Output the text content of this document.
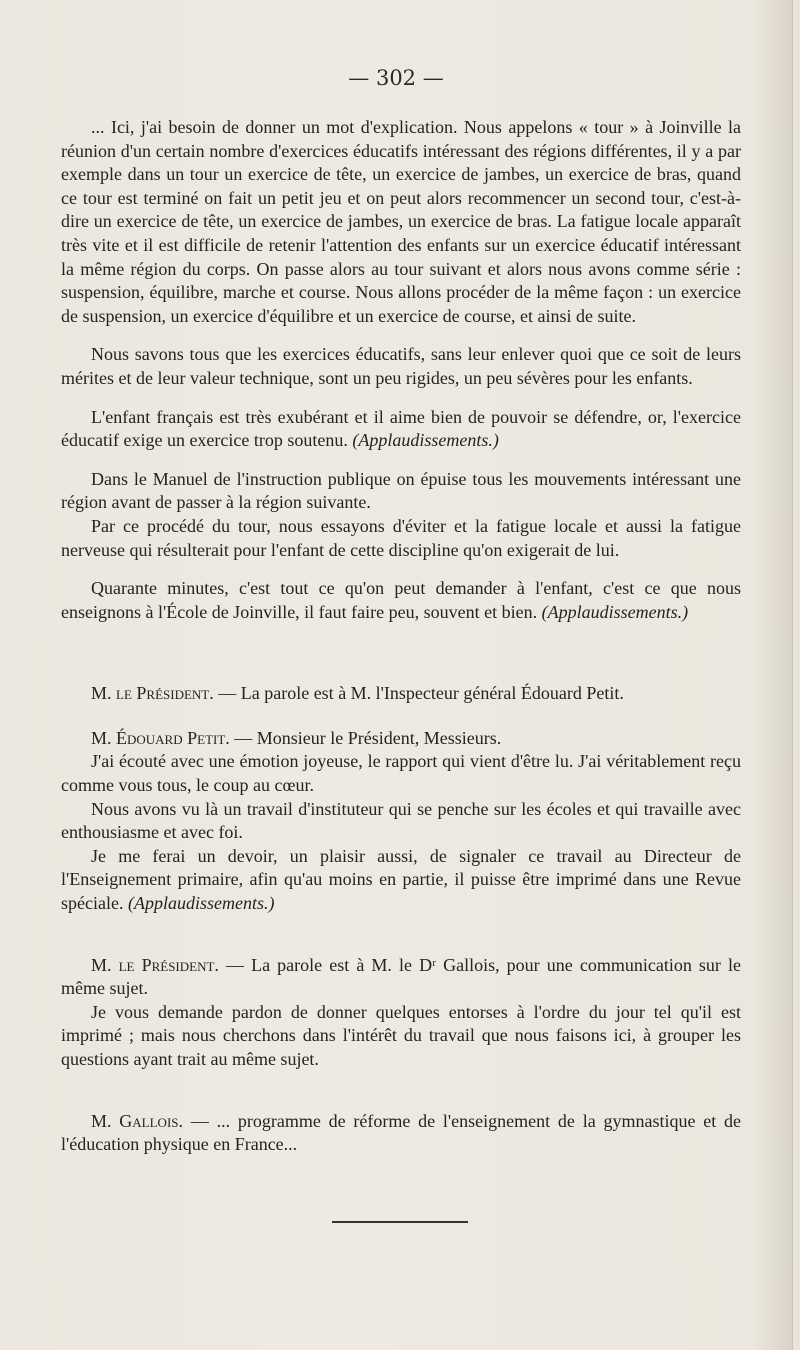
— 302 —

... Ici, j'ai besoin de donner un mot d'explication. Nous appelons « tour » à Joinville la réunion d'un certain nombre d'exercices éducatifs intéressant des régions différentes, il y a par exemple dans un tour un exercice de tête, un exercice de jambes, un exercice de bras, quand ce tour est terminé on fait un petit jeu et on peut alors recommencer un second tour, c'est-à-dire un exercice de tête, un exercice de jambes, un exercice de bras. La fatigue locale apparaît très vite et il est difficile de retenir l'attention des enfants sur un exercice éducatif intéressant la même région du corps. On passe alors au tour suivant et alors nous avons comme série : suspension, équilibre, marche et course. Nous allons procéder de la même façon : un exercice de suspension, un exercice d'équilibre et un exercice de course, et ainsi de suite.

Nous savons tous que les exercices éducatifs, sans leur enlever quoi que ce soit de leurs mérites et de leur valeur technique, sont un peu rigides, un peu sévères pour les enfants.

L'enfant français est très exubérant et il aime bien de pouvoir se défendre, or, l'exercice éducatif exige un exercice trop soutenu. (Applaudissements.)

Dans le Manuel de l'instruction publique on épuise tous les mouvements intéressant une région avant de passer à la région suivante.

Par ce procédé du tour, nous essayons d'éviter et la fatigue locale et aussi la fatigue nerveuse qui résulterait pour l'enfant de cette discipline qu'on exigerait de lui.

Quarante minutes, c'est tout ce qu'on peut demander à l'enfant, c'est ce que nous enseignons à l'École de Joinville, il faut faire peu, souvent et bien. (Applaudissements.)

M. le Président. — La parole est à M. l'Inspecteur général Édouard Petit.

M. Édouard Petit. — Monsieur le Président, Messieurs.

J'ai écouté avec une émotion joyeuse, le rapport qui vient d'être lu. J'ai véritablement reçu comme vous tous, le coup au cœur.

Nous avons vu là un travail d'instituteur qui se penche sur les écoles et qui travaille avec enthousiasme et avec foi.

Je me ferai un devoir, un plaisir aussi, de signaler ce travail au Directeur de l'Enseignement primaire, afin qu'au moins en partie, il puisse être imprimé dans une Revue spéciale. (Applaudissements.)

M. le Président. — La parole est à M. le Dʳ Gallois, pour une communication sur le même sujet.

Je vous demande pardon de donner quelques entorses à l'ordre du jour tel qu'il est imprimé ; mais nous cherchons dans l'intérêt du travail que nous faisons ici, à grouper les questions ayant trait au même sujet.

M. Gallois. — ... programme de réforme de l'enseignement de la gymnastique et de l'éducation physique en France...
